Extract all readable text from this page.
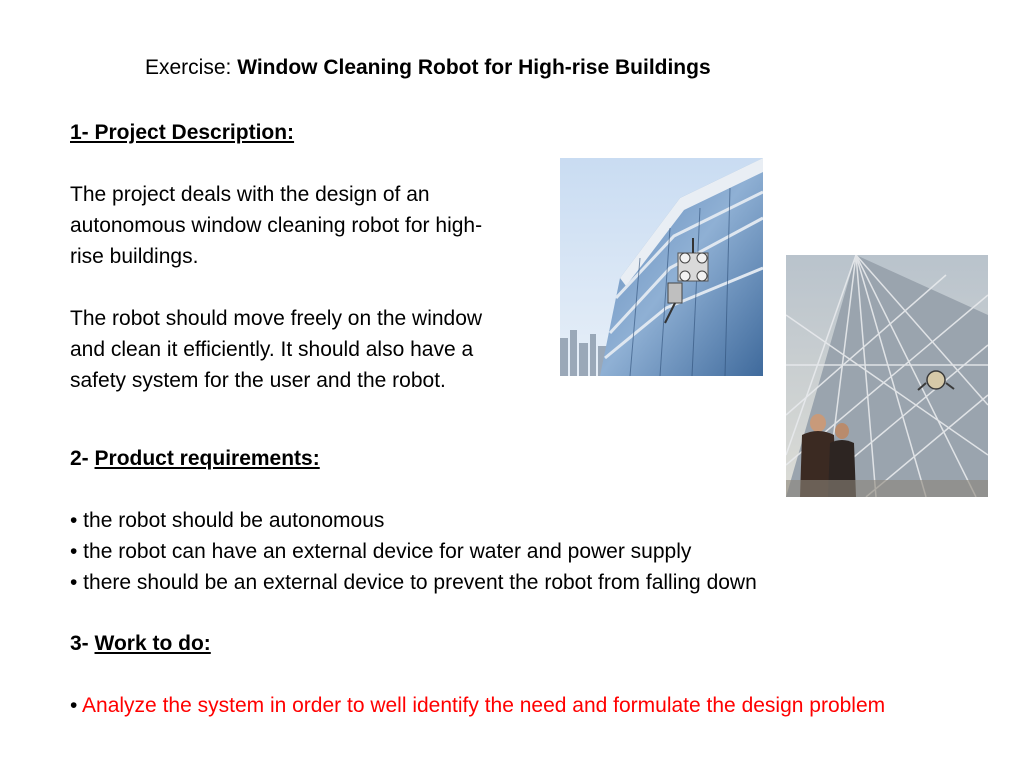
Exercise: Window Cleaning Robot for High-rise Buildings
1- Project Description:

The project deals with the design of an autonomous window cleaning robot for high-rise buildings.

The robot should move freely on the window and clean it efficiently. It should also have a safety system for the user and the robot.

2- Product requirements:
• the robot should be autonomous
• the robot can have an external device for water and power supply
• there should be an external device to prevent the robot from falling down
3- Work to do:
• Analyze the system in order to well identify the need and formulate the design problem
